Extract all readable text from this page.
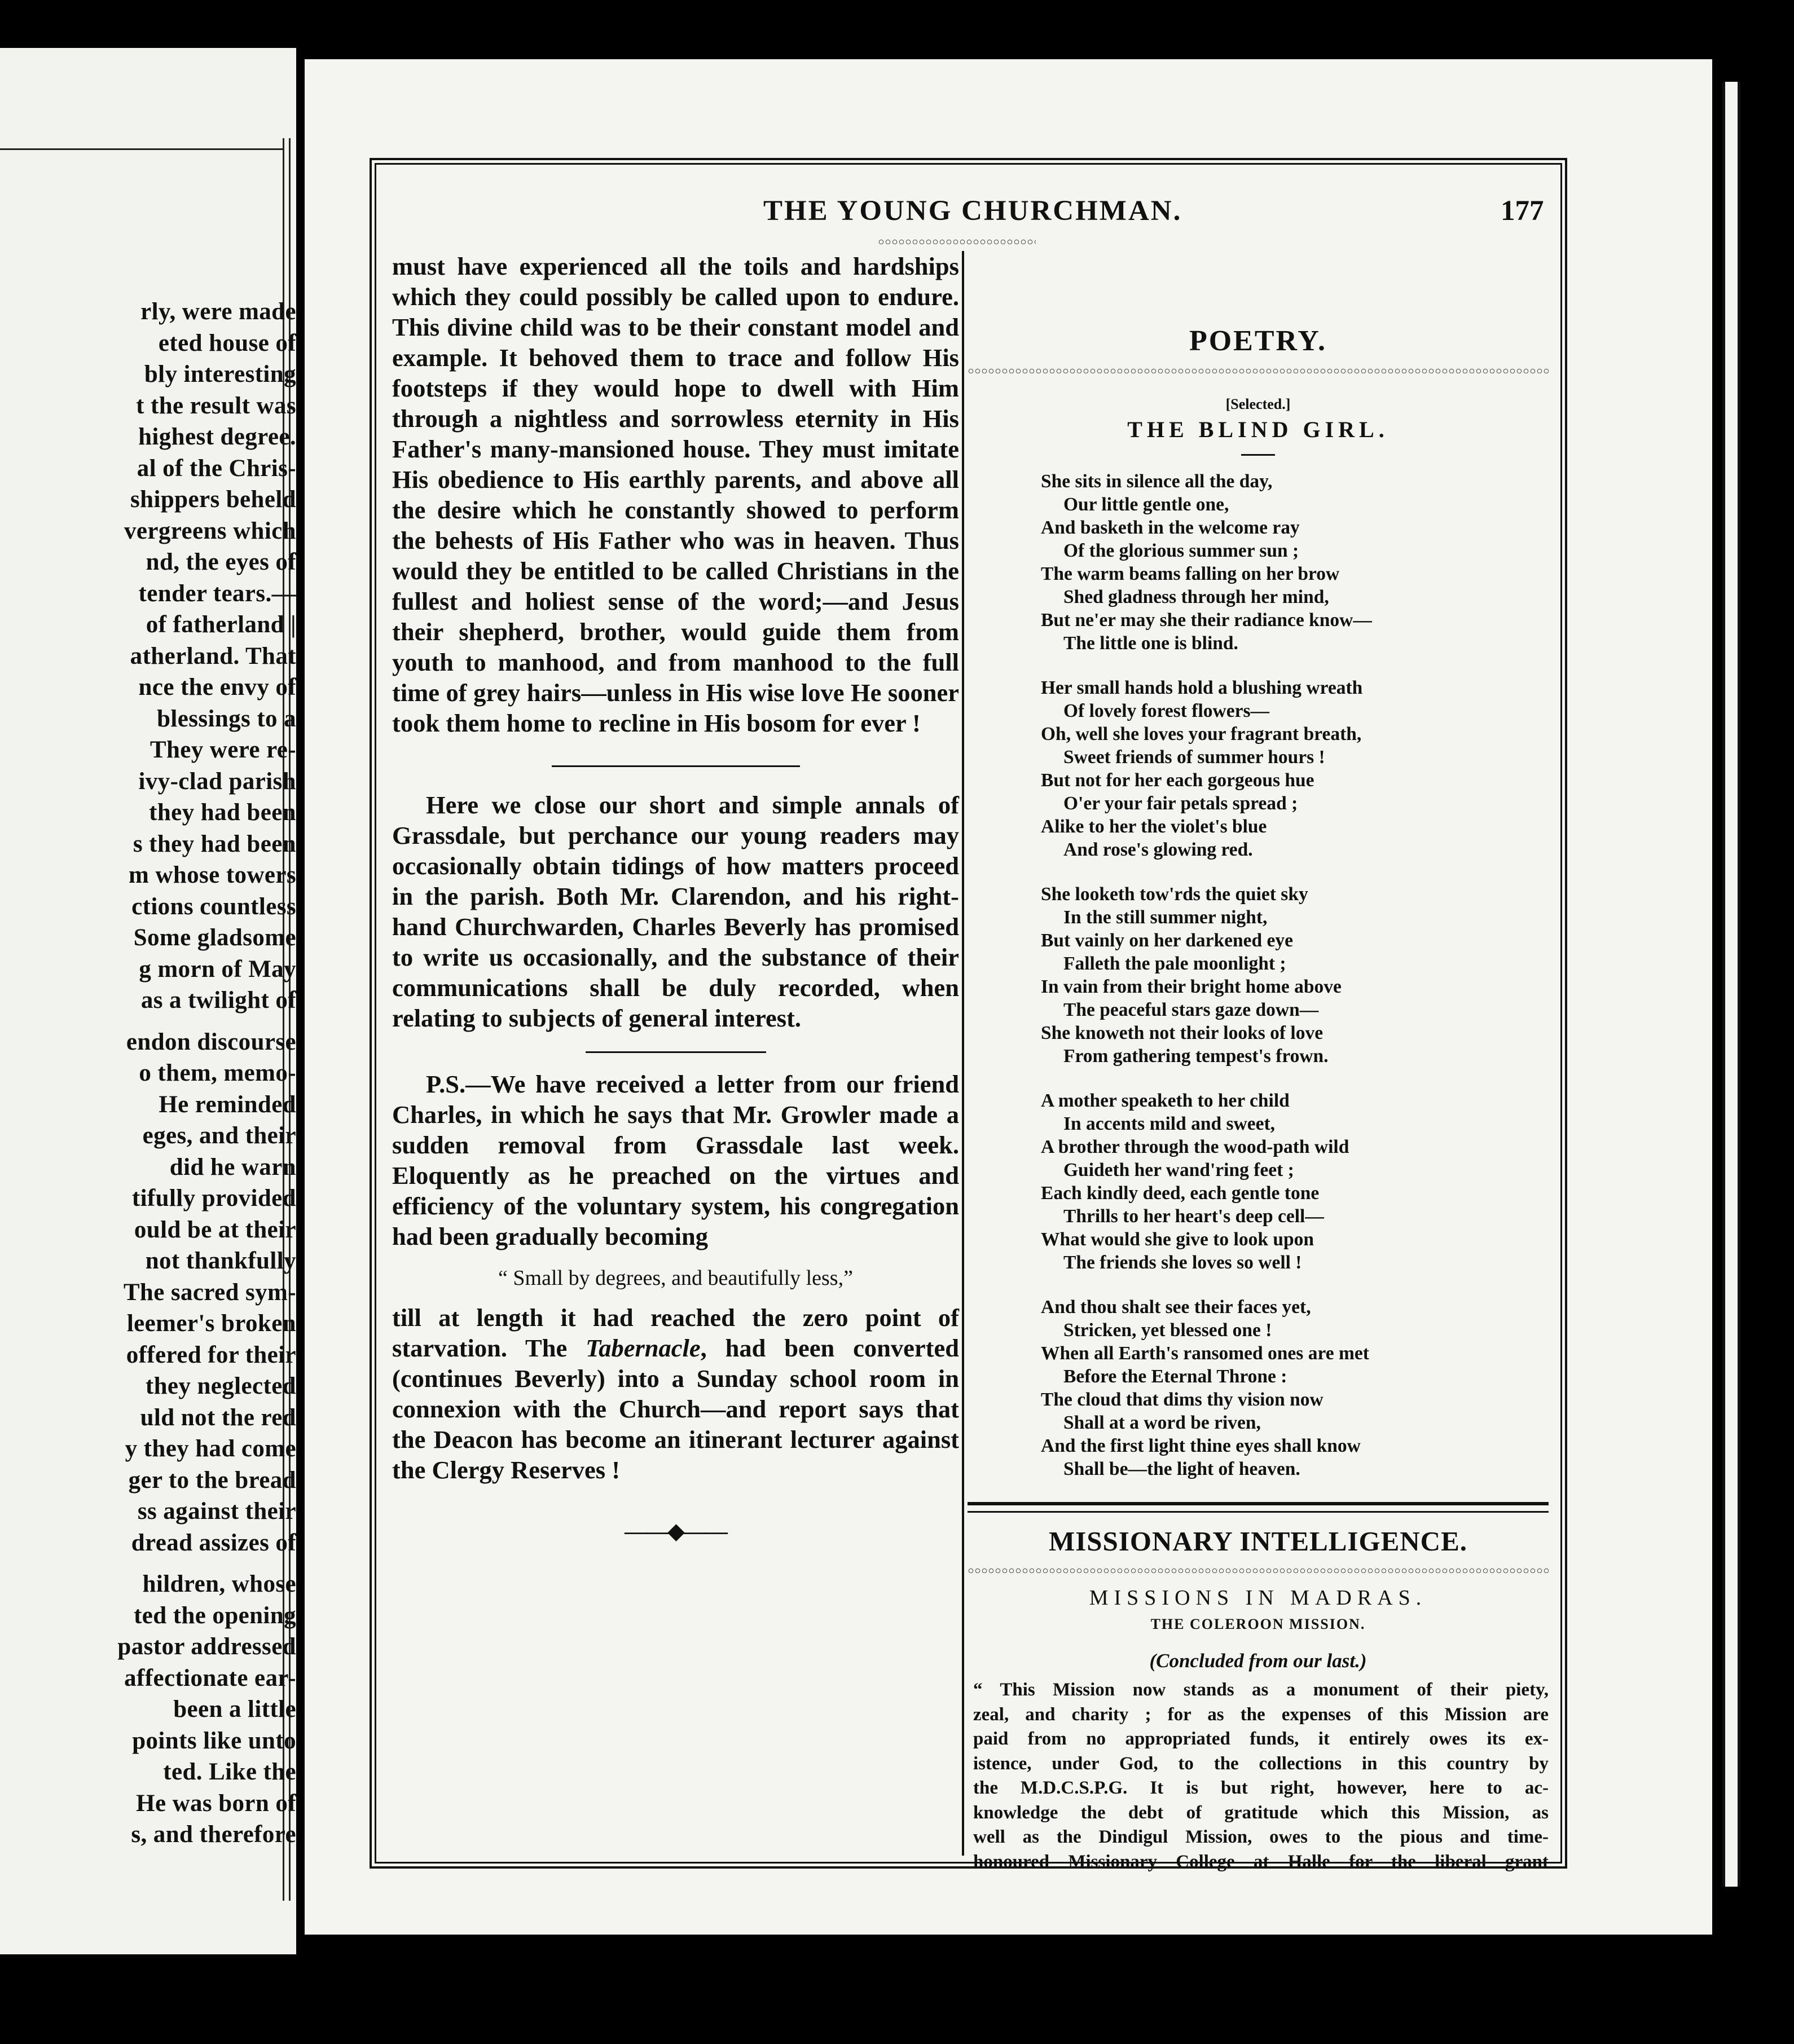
rly, were made
eted house of
bly interesting
t the result was
highest degree.
al of the Chris-
shippers beheld
vergreens which
nd, the eyes of
tender tears.—
of fatherland |
atherland. That
nce the envy of
blessings to a
They were re-
ivy-clad parish
they had been
s they had been
m whose towers
ctions countless
Some gladsome
g morn of May
as a twilight of
endon discourse
o them, memo-
He reminded
eges, and their
did he warn
tifully provided
ould be at their
not thankfully
The sacred sym-
leemer's broken
offered for their
they neglected
uld not the red
y they had come
ger to the bread
ss against their
dread assizes of
hildren, whose
ted the opening
pastor addressed
affectionate ear-
been a little
points like unto
ted. Like the
He was born of
s, and therefore
THE YOUNG CHURCHMAN.	177

must have experienced all the toils and hardships which they could possibly be called upon to endure. This divine child was to be their constant model and example. It behoved them to trace and follow His footsteps if they would hope to dwell with Him through a nightless and sorrowless eternity in His Father's many-mansioned house. They must imitate His obedience to His earthly parents, and above all the desire which he constantly showed to perform the behests of His Father who was in heaven. Thus would they be entitled to be called Christians in the fullest and holiest sense of the word;—and Jesus their shepherd, brother, would guide them from youth to manhood, and from manhood to the full time of grey hairs—unless in His wise love He sooner took them home to recline in His bosom for ever !

Here we close our short and simple annals of Grassdale, but perchance our young readers may occasionally obtain tidings of how matters proceed in the parish. Both Mr. Clarendon, and his right-hand Churchwarden, Charles Beverly has promised to write us occasionally, and the substance of their communications shall be duly recorded, when relating to subjects of general interest.

P.S.—We have received a letter from our friend Charles, in which he says that Mr. Growler made a sudden removal from Grassdale last week. Eloquently as he preached on the virtues and efficiency of the voluntary system, his congregation had been gradually becoming

“ Small by degrees, and beautifully less,”

till at length it had reached the zero point of starvation. The Tabernacle, had been converted (continues Beverly) into a Sunday school room in connexion with the Church—and report says that the Deacon has become an itinerant lecturer against the Clergy Reserves !

——◆——
POETRY.
[Selected.]
THE BLIND GIRL.
She sits in silence all the day,
Our little gentle one,
And basketh in the welcome ray
Of the glorious summer sun ;
The warm beams falling on her brow
Shed gladness through her mind,
But ne'er may she their radiance know—
The little one is blind.
Her small hands hold a blushing wreath
Of lovely forest flowers—
Oh, well she loves your fragrant breath,
Sweet friends of summer hours !
But not for her each gorgeous hue
O'er your fair petals spread ;
Alike to her the violet's blue
And rose's glowing red.
She looketh tow'rds the quiet sky
In the still summer night,
But vainly on her darkened eye
Falleth the pale moonlight ;
In vain from their bright home above
The peaceful stars gaze down—
She knoweth not their looks of love
From gathering tempest's frown.
A mother speaketh to her child
In accents mild and sweet,
A brother through the wood-path wild
Guideth her wand'ring feet ;
Each kindly deed, each gentle tone
Thrills to her heart's deep cell—
What would she give to look upon
The friends she loves so well !
And thou shalt see their faces yet,
Stricken, yet blessed one !
When all Earth's ransomed ones are met
Before the Eternal Throne :
The cloud that dims thy vision now
Shall at a word be riven,
And the first light thine eyes shall know
Shall be—the light of heaven.
MISSIONARY INTELLIGENCE.
MISSIONS IN MADRAS.
THE COLEROON MISSION.
(Concluded from our last.)
“ This Mission now stands as a monument of their piety,
zeal, and charity ; for as the expenses of this Mission are
paid from no appropriated funds, it entirely owes its ex-
istence, under God, to the collections in this country by
the M.D.C.S.P.G. It is but right, however, here to ac-
knowledge the debt of gratitude which this Mission, as
well as the Dindigul Mission, owes to the pious and time-
honoured Missionary College at Halle for the liberal grant
